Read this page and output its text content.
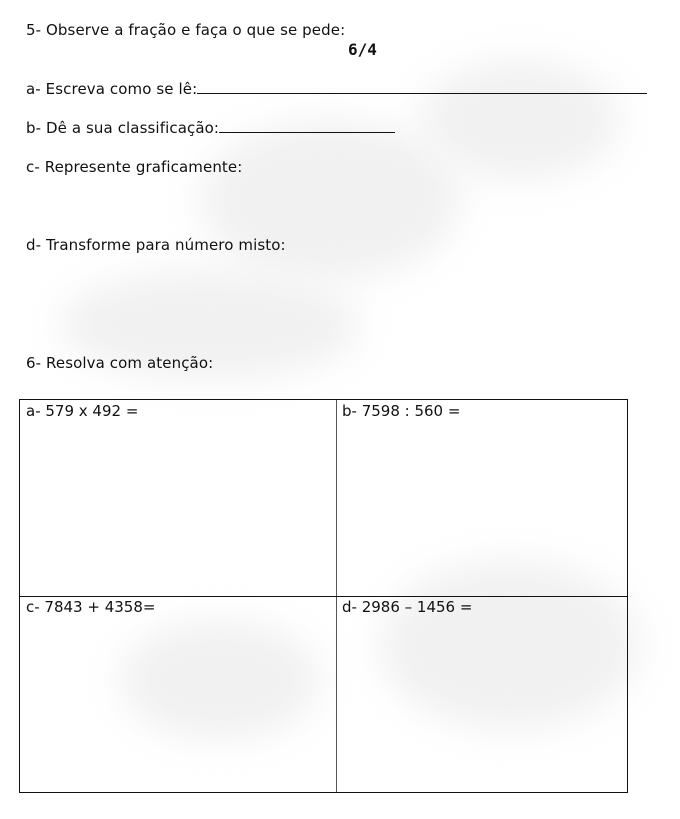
5- Observe a fração e faça o que se pede:
6/4
a- Escreva como se lê:
b- Dê a sua classificação:
c- Represente graficamente:
d- Transforme para número misto:
6- Resolva com atenção:
a- 579 x 492 =	b- 7598 : 560 =
c- 7843 + 4358=	d- 2986 – 1456 =
